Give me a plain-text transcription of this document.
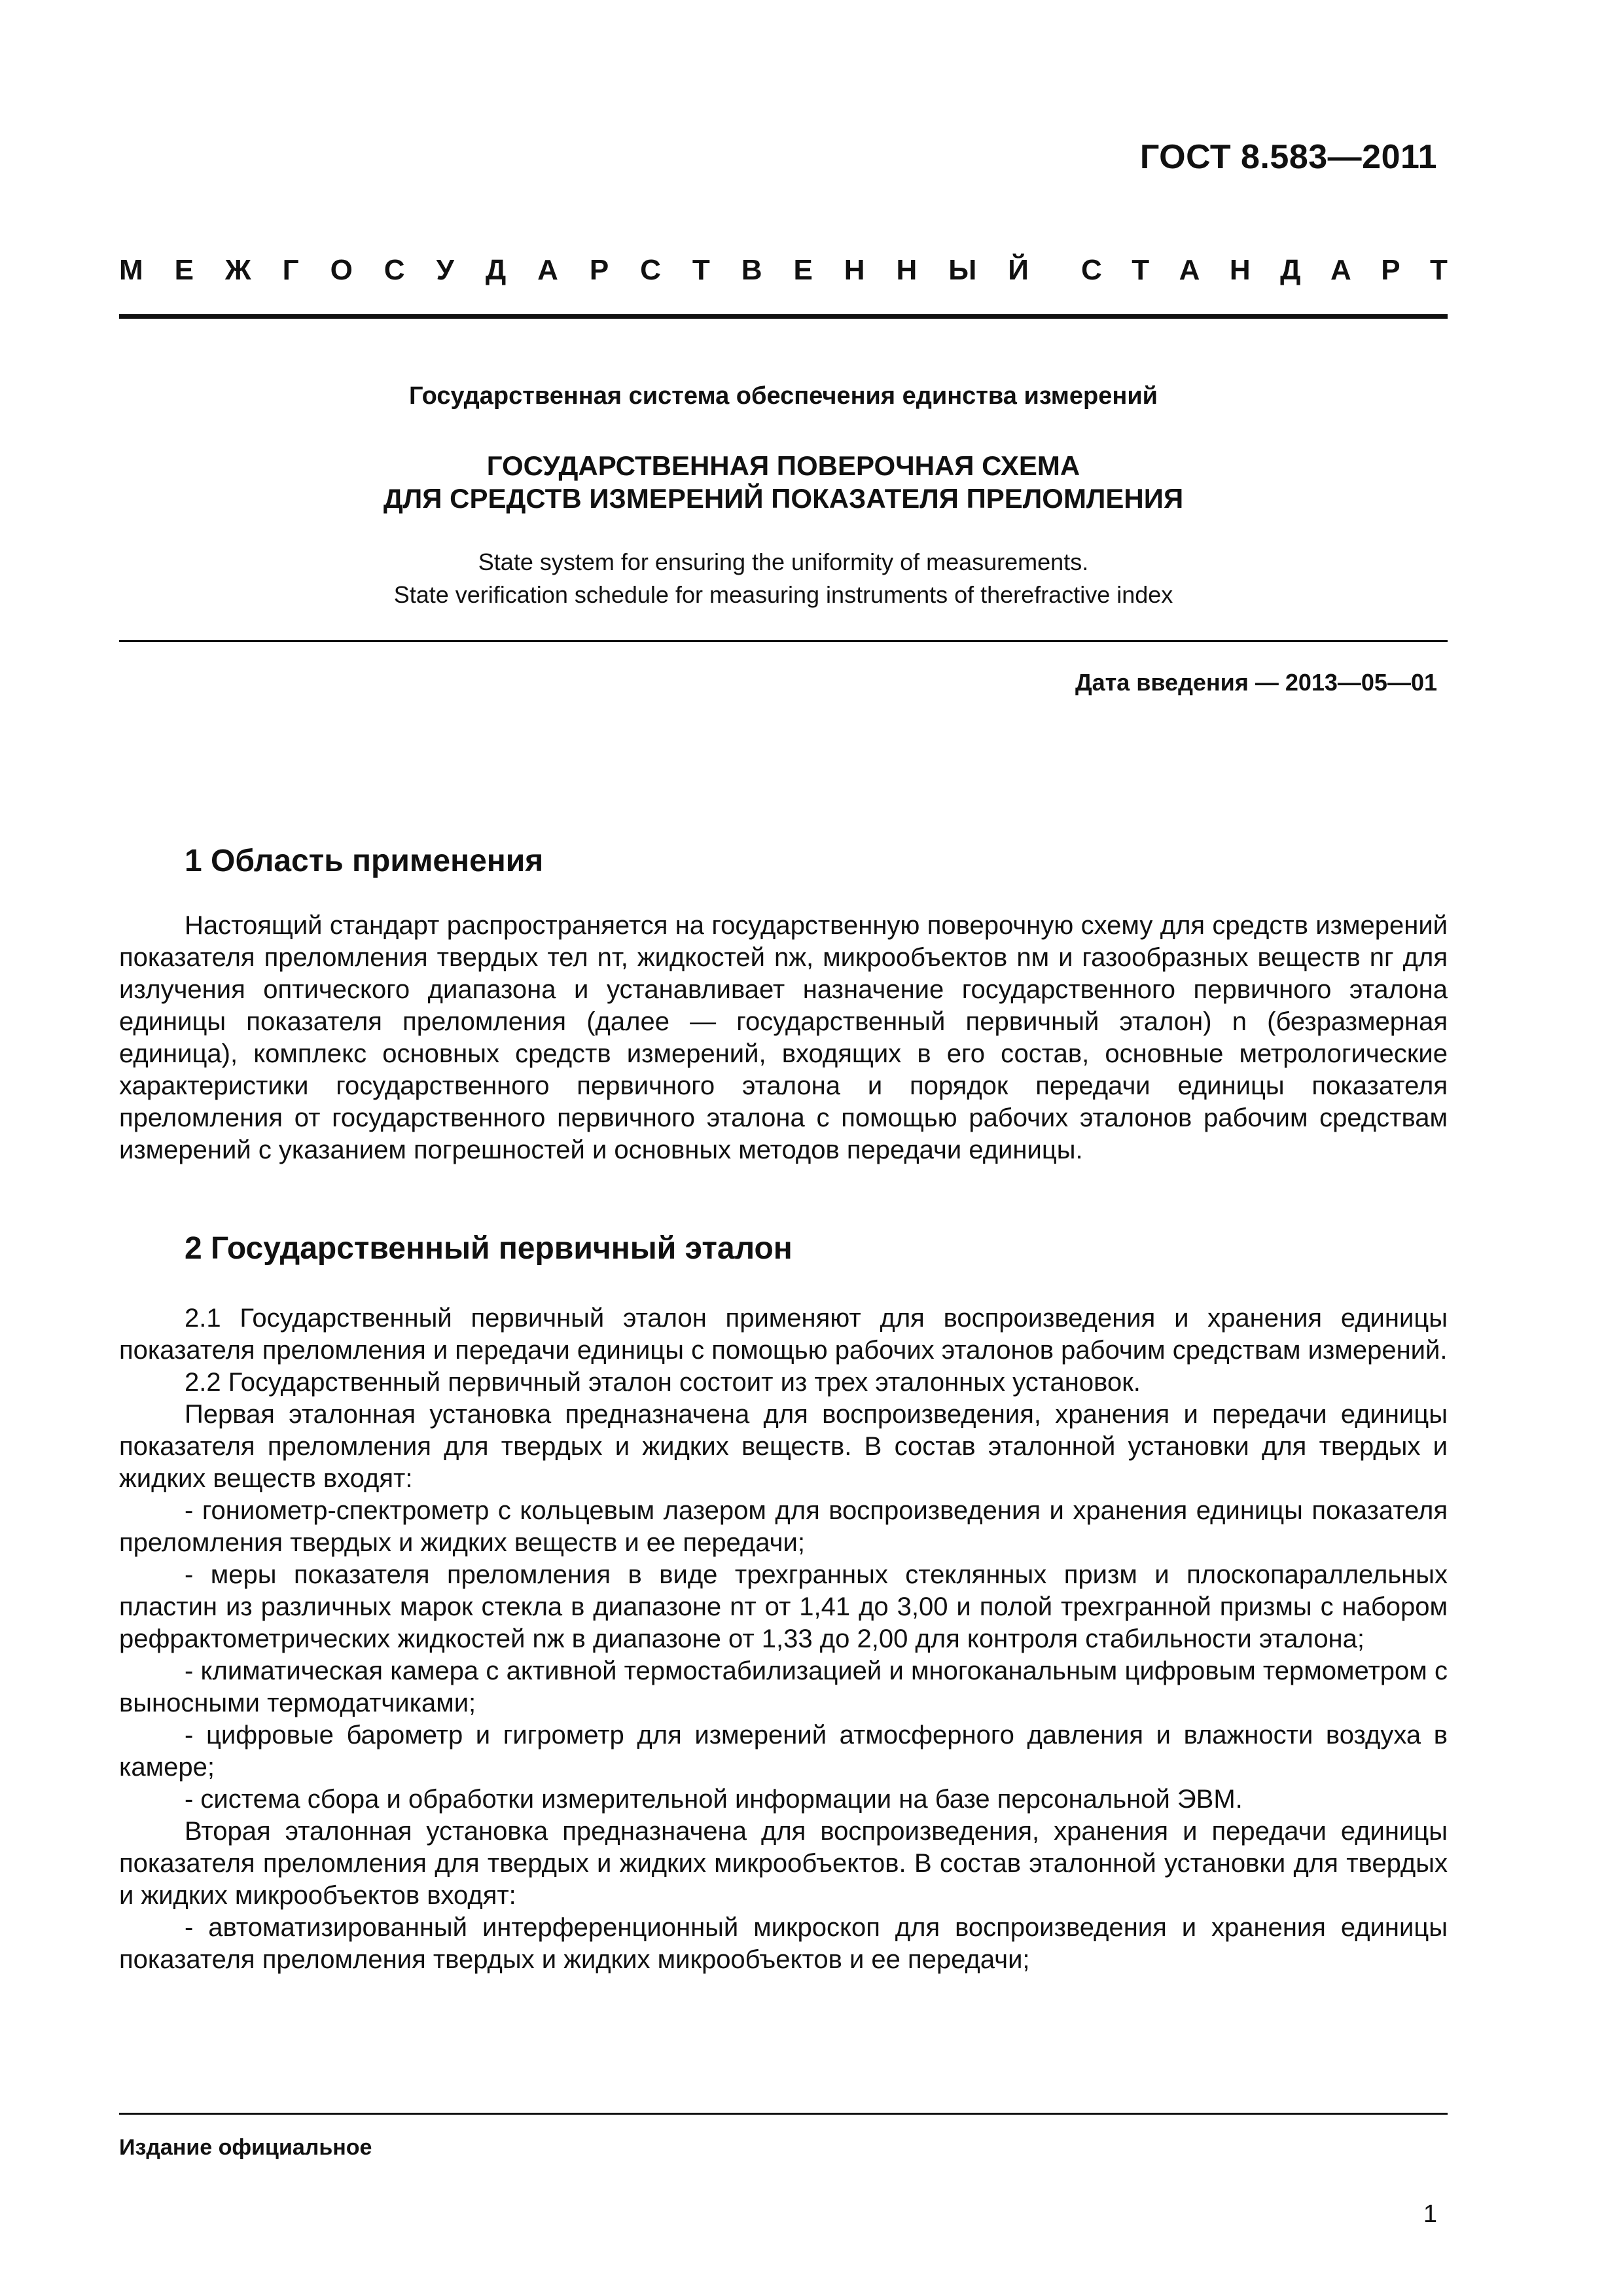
ГОСТ 8.583—2011
М Е Ж Г О С У Д А Р С Т В Е Н Н Ы Й С Т А Н Д А Р Т
Государственная система обеспечения единства измерений
ГОСУДАРСТВЕННАЯ ПОВЕРОЧНАЯ СХЕМА
ДЛЯ СРЕДСТВ ИЗМЕРЕНИЙ ПОКАЗАТЕЛЯ ПРЕЛОМЛЕНИЯ
State system for ensuring the uniformity of measurements.
State verification schedule for measuring instruments of therefractive index
Дата введения — 2013—05—01
1 Область применения
Настоящий стандарт распространяется на государственную поверочную схему для средств измерений показателя преломления твердых тел nт, жидкостей nж, микрообъектов nм и газообразных веществ nг для излучения оптического диапазона и устанавливает назначение государственного первичного эталона единицы показателя преломления (далее — государственный первичный эталон) n (безразмерная единица), комплекс основных средств измерений, входящих в его состав, основные метрологические характеристики государственного первичного эталона и порядок передачи единицы показателя преломления от государственного первичного эталона с помощью рабочих эталонов рабочим средствам измерений с указанием погрешностей и основных методов передачи единицы.
2 Государственный первичный эталон
2.1 Государственный первичный эталон применяют для воспроизведения и хранения единицы показателя преломления и передачи единицы с помощью рабочих эталонов рабочим средствам измерений.
2.2 Государственный первичный эталон состоит из трех эталонных установок.
Первая эталонная установка предназначена для воспроизведения, хранения и передачи единицы показателя преломления для твердых и жидких веществ. В состав эталонной установки для твердых и жидких веществ входят:
- гониометр-спектрометр с кольцевым лазером для воспроизведения и хранения единицы показателя преломления твердых и жидких веществ и ее передачи;
- меры показателя преломления в виде трехгранных стеклянных призм и плоскопараллельных пластин из различных марок стекла в диапазоне nт от 1,41 до 3,00 и полой трехгранной призмы с набором рефрактометрических жидкостей nж в диапазоне от 1,33 до 2,00 для контроля стабильности эталона;
- климатическая камера с активной термостабилизацией и многоканальным цифровым термометром с выносными термодатчиками;
- цифровые барометр и гигрометр для измерений атмосферного давления и влажности воздуха в камере;
- система сбора и обработки измерительной информации на базе персональной ЭВМ.
Вторая эталонная установка предназначена для воспроизведения, хранения и передачи единицы показателя преломления для твердых и жидких микрообъектов. В состав эталонной установки для твердых и жидких микрообъектов входят:
- автоматизированный интерференционный микроскоп для воспроизведения и хранения единицы показателя преломления твердых и жидких микрообъектов и ее передачи;
Издание официальное
1
